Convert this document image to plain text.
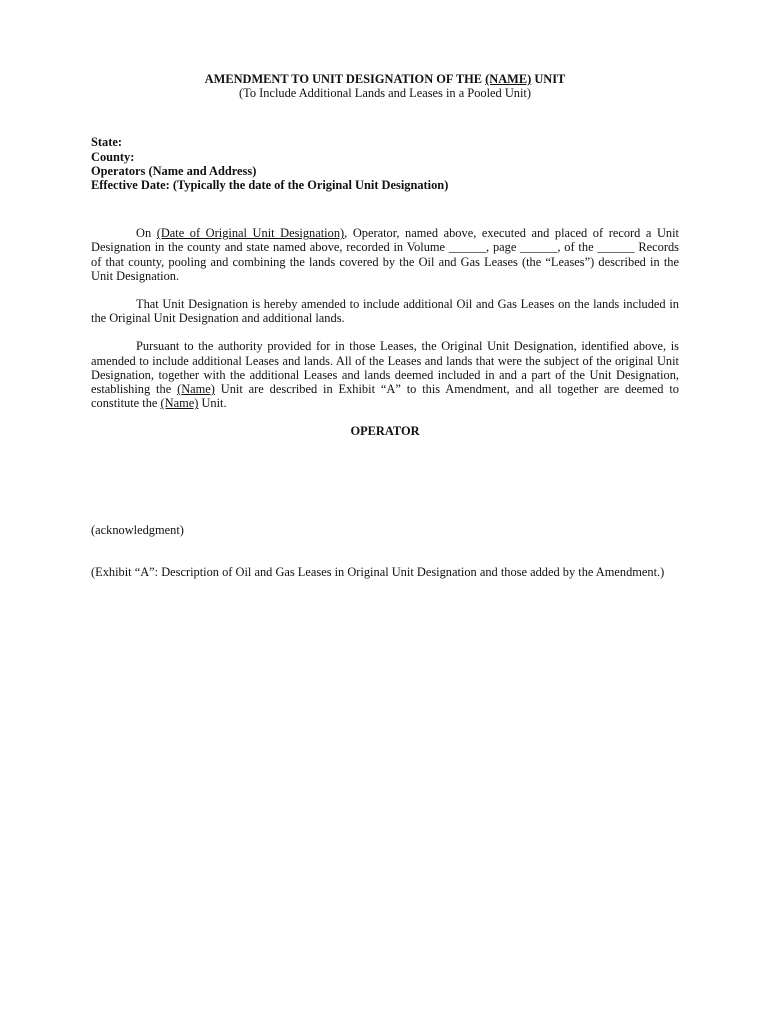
AMENDMENT TO UNIT DESIGNATION OF THE (NAME) UNIT

(To Include Additional Lands and Leases in a Pooled Unit)

State:
County:
Operators (Name and Address)
Effective Date: (Typically the date of the Original Unit Designation)

On (Date of Original Unit Designation), Operator, named above, executed and placed of record a Unit Designation in the county and state named above, recorded in Volume ______, page ______, of the ______ Records of that county, pooling and combining the lands covered by the Oil and Gas Leases (the “Leases”) described in the Unit Designation.

That Unit Designation is hereby amended to include additional Oil and Gas Leases on the lands included in the Original Unit Designation and additional lands.

Pursuant to the authority provided for in those Leases, the Original Unit Designation, identified above, is amended to include additional Leases and lands. All of the Leases and lands that were the subject of the original Unit Designation, together with the additional Leases and lands deemed included in and a part of the Unit Designation, establishing the (Name) Unit are described in Exhibit “A” to this Amendment, and all together are deemed to constitute the (Name) Unit.

OPERATOR
(acknowledgment)
(Exhibit “A”: Description of Oil and Gas Leases in Original Unit Designation and those added by the Amendment.)
